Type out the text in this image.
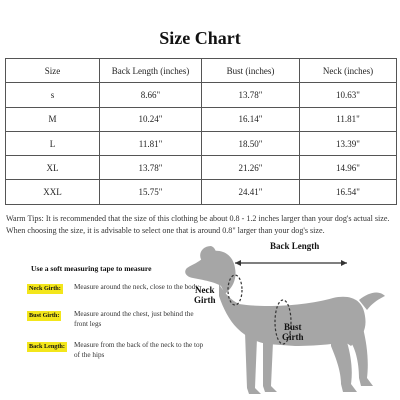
Size Chart
Size	Back Length (inches)	Bust (inches)	Neck (inches)
s	8.66"	13.78"	10.63"
M	10.24"	16.14"	11.81"
L	11.81"	18.50"	13.39"
XL	13.78"	21.26"	14.96"
XXL	15.75"	24.41"	16.54"
Warm Tips: It is recommended that the size of this clothing be about 0.8 - 1.2 inches larger than your dog's actual size. When choosing the size, it is advisable to select one that is around 0.8" larger than your dog's size.
Use a soft measuring tape to measure
Neck Girth: Measure around the neck, close to the body
Bust Girth: Measure around the chest, just behind the front legs
Back Length: Measure from the back of the neck to the top of the hips
Back Length
Neck
Girth
Bust
Girth
